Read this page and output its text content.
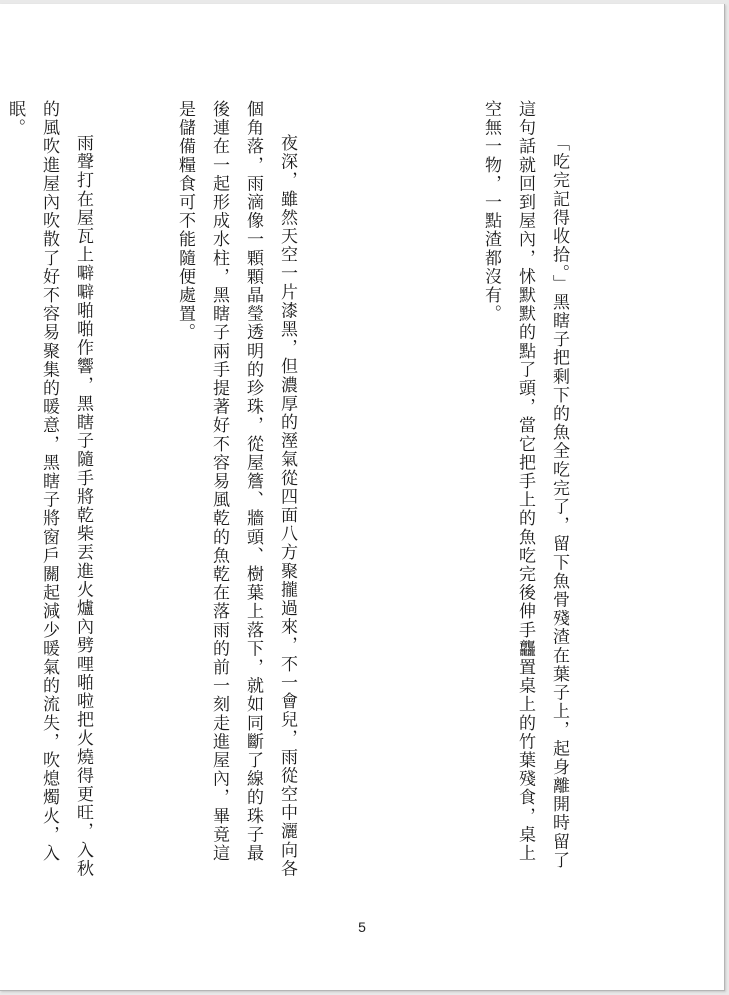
「吃完記得收拾。」黑瞎子把剩下的魚全吃完了，留下魚骨殘渣在葉子上，起身離開時留了這句話就回到屋內，怵默默的點了頭，當它把手上的魚吃完後伸手龘置桌上的竹葉殘食，桌上空無一物，一點渣都沒有。

夜深，雖然天空一片漆黑，但濃厚的溼氣從四面八方聚攏過來，不一會兒，雨從空中灑向各個角落，雨滴像一顆顆晶瑩透明的珍珠，從屋簷、牆頭、樹葉上落下，就如同斷了線的珠子最後連在一起形成水柱，黑瞎子兩手提著好不容易風乾的魚乾在落雨的前一刻走進屋內，畢竟這是儲備糧食可不能隨便處置。

雨聲打在屋瓦上噼噼啪啪作響，黑瞎子隨手將乾柴丟進火爐內劈哩啪啦把火燒得更旺，入秋的風吹進屋內吹散了好不容易聚集的暖意，黑瞎子將窗戶關起減少暖氣的流失，吹熄燭火，入眠。

5
